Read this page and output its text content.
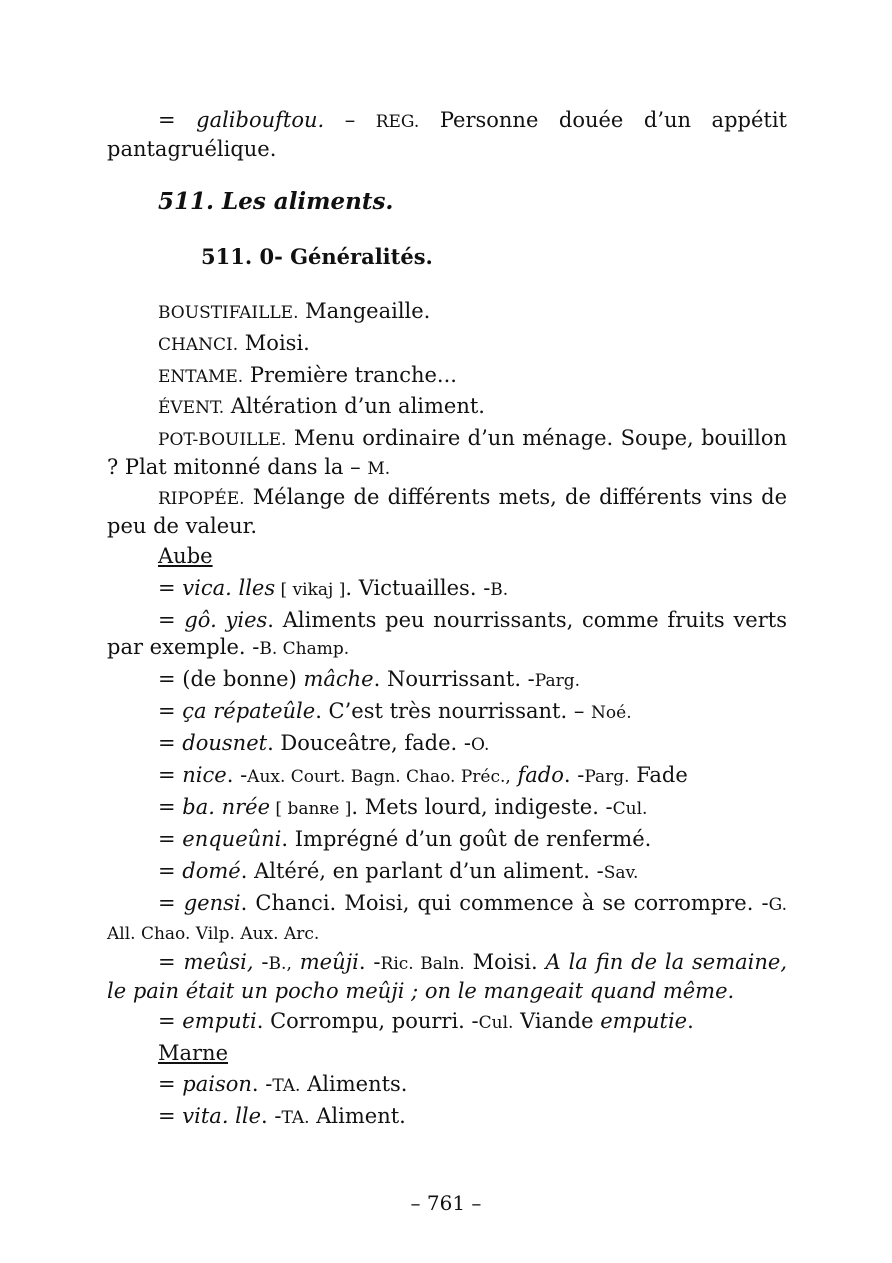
= galibouftou. – REG. Personne douée d’un appétit pantagruélique.
511. Les aliments.
511. 0- Généralités.
BOUSTIFAILLE. Mangeaille.
CHANCI. Moisi.
ENTAME. Première tranche...
ÉVENT. Altération d’un aliment.
POT-BOUILLE. Menu ordinaire d’un ménage. Soupe, bouillon ? Plat mitonné dans la – M.
RIPOPÉE. Mélange de différents mets, de différents vins de peu de valeur.
Aube
= vica. lles [ vikaj ]. Victuailles. -B.
= gô. yies. Aliments peu nourrissants, comme fruits verts par exemple. -B. Champ.
= (de bonne) mâche. Nourrissant. -Parg.
= ça répateûle. C’est très nourrissant. – Noé.
= dousnet. Douceâtre, fade. -O.
= nice. -Aux. Court. Bagn. Chao. Préc., fado. -Parg. Fade
= ba. nrée [ banʀe ]. Mets lourd, indigeste. -Cul.
= enqueûni. Imprégné d’un goût de renfermé.
= domé. Altéré, en parlant d’un aliment. -Sav.
= gensi. Chanci. Moisi, qui commence à se corrompre. -G. All. Chao. Vilp. Aux. Arc.
= meûsi, -B., meûji. -Ric. Baln. Moisi. A la fin de la semaine, le pain était un pocho meûji ; on le mangeait quand même.
= emputi. Corrompu, pourri. -Cul. Viande emputie.
Marne
= paison. -TA. Aliments.
= vita. lle. -TA. Aliment.
– 761 –
